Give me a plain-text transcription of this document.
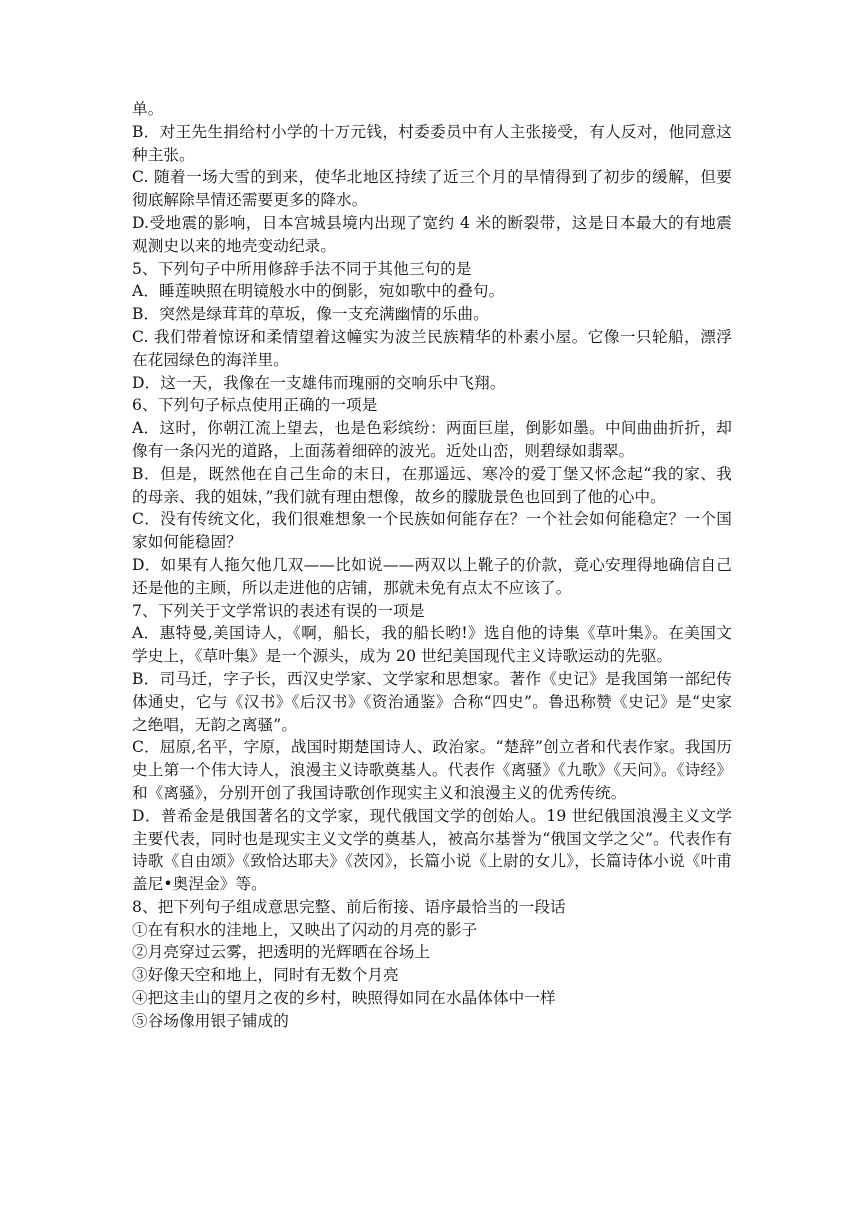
单。

B．对王先生捐给村小学的十万元钱，村委委员中有人主张接受，有人反对，他同意这种主张。

C. 随着一场大雪的到来，使华北地区持续了近三个月的旱情得到了初步的缓解，但要彻底解除旱情还需要更多的降水。

D.受地震的影响，日本宫城县境内出现了宽约 4 米的断裂带，这是日本最大的有地震观测史以来的地壳变动纪录。

5、下列句子中所用修辞手法不同于其他三句的是

A．睡莲映照在明镜般水中的倒影，宛如歌中的叠句。

B．突然是绿茸茸的草坂，像一支充满幽情的乐曲。

C. 我们带着惊讶和柔情望着这幢实为波兰民族精华的朴素小屋。它像一只轮船，漂浮在花园绿色的海洋里。

D．这一天，我像在一支雄伟而瑰丽的交响乐中飞翔。

6、下列句子标点使用正确的一项是

A．这时，你朝江流上望去，也是色彩缤纷：两面巨崖，倒影如墨。中间曲曲折折，却像有一条闪光的道路，上面荡着细碎的波光。近处山峦，则碧绿如翡翠。

B．但是，既然他在自己生命的末日，在那遥远、寒冷的爱丁堡又怀念起“我的家、我的母亲、我的姐妹，”我们就有理由想像，故乡的朦胧景色也回到了他的心中。

C．没有传统文化，我们很难想象一个民族如何能存在？一个社会如何能稳定？一个国家如何能稳固？

D．如果有人拖欠他几双——比如说——两双以上靴子的价款，竟心安理得地确信自己还是他的主顾，所以走进他的店铺，那就未免有点太不应该了。

7、下列关于文学常识的表述有误的一项是

A．惠特曼,美国诗人，《啊，船长，我的船长哟!》选自他的诗集《草叶集》。在美国文学史上，《草叶集》是一个源头，成为 20 世纪美国现代主义诗歌运动的先驱。

B．司马迁，字子长，西汉史学家、文学家和思想家。著作《史记》是我国第一部纪传体通史，它与《汉书》《后汉书》《资治通鉴》合称“四史”。鲁迅称赞《史记》是“史家之绝唱，无韵之离骚”。

C．屈原,名平，字原，战国时期楚国诗人、政治家。“楚辞”创立者和代表作家。我国历史上第一个伟大诗人，浪漫主义诗歌奠基人。代表作《离骚》《九歌》《天问》。《诗经》和《离骚》，分别开创了我国诗歌创作现实主义和浪漫主义的优秀传统。

D．普希金是俄国著名的文学家，现代俄国文学的创始人。19 世纪俄国浪漫主义文学主要代表，同时也是现实主义文学的奠基人，被高尔基誉为“俄国文学之父”。代表作有诗歌《自由颂》《致恰达耶夫》《茨冈》，长篇小说《上尉的女儿》，长篇诗体小说《叶甫盖尼•奥涅金》等。

8、把下列句子组成意思完整、前后衔接、语序最恰当的一段话

①在有积水的洼地上，又映出了闪动的月亮的影子

②月亮穿过云雾，把透明的光辉晒在谷场上

③好像天空和地上，同时有无数个月亮

④把这圭山的望月之夜的乡村，映照得如同在水晶体体中一样

⑤谷场像用银子铺成的
